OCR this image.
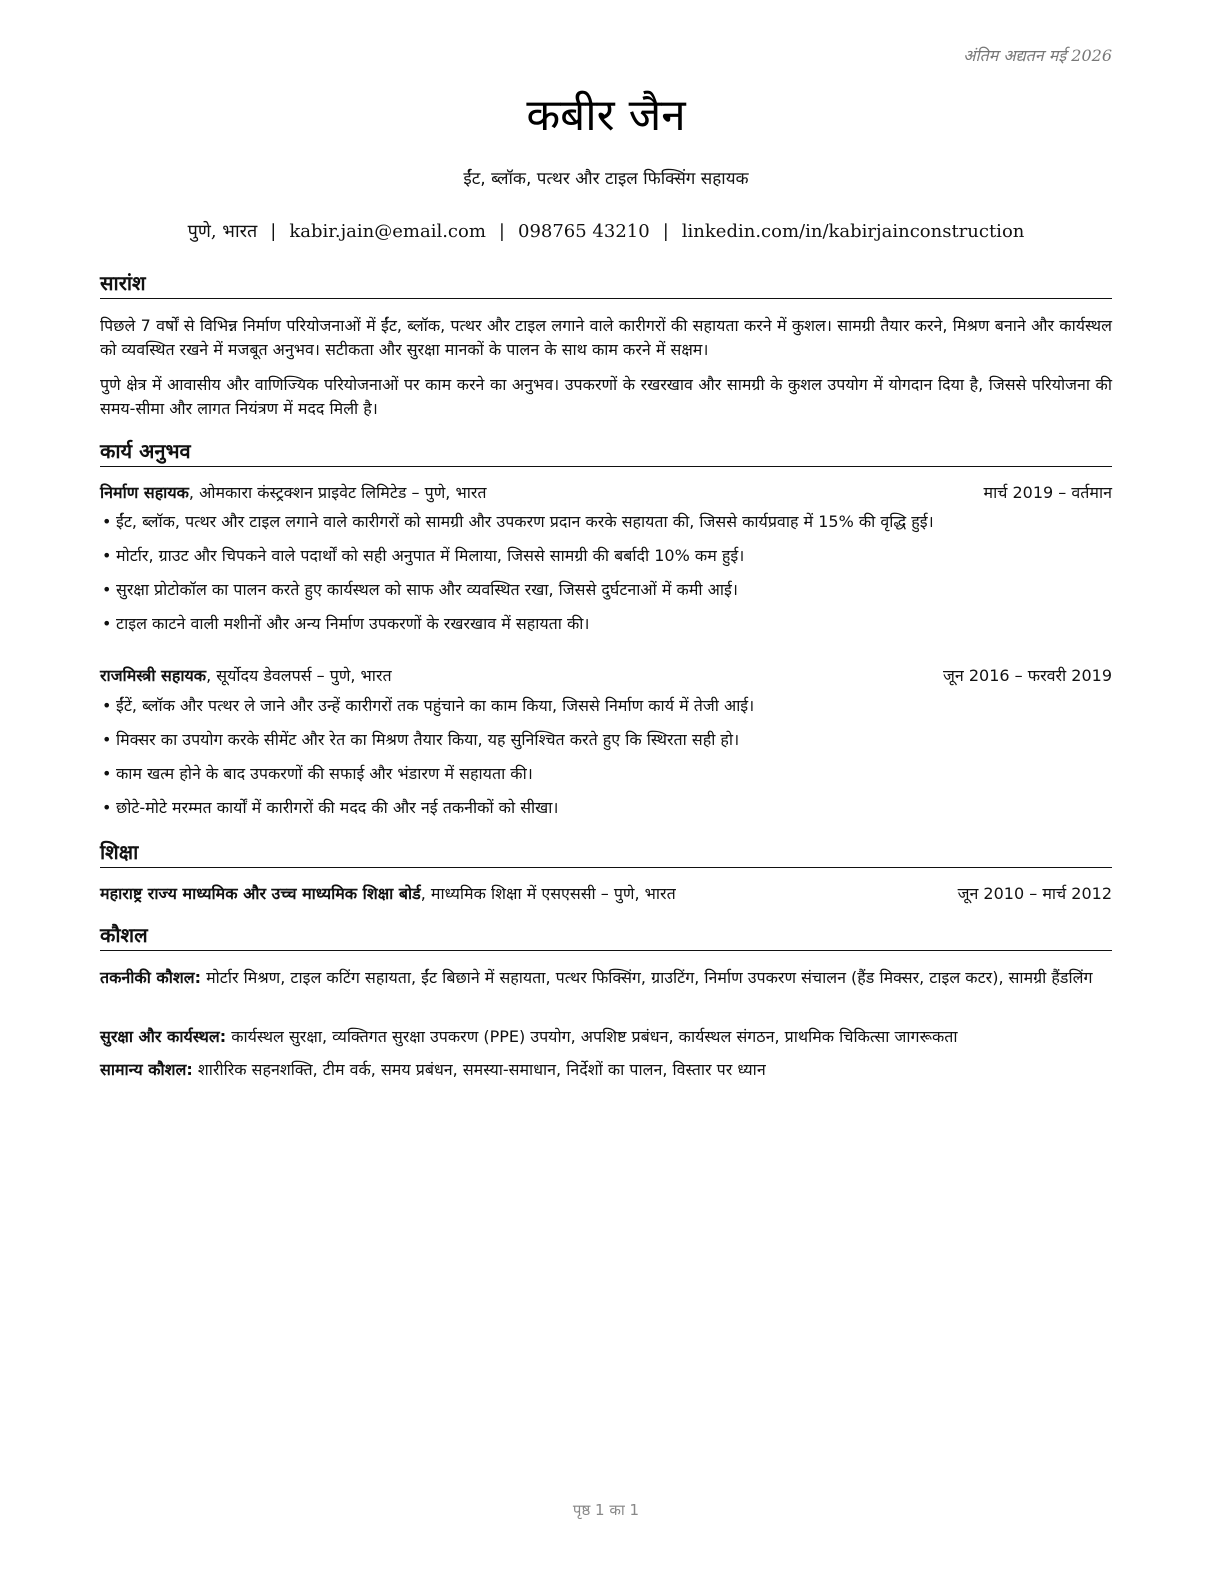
अंतिम अद्यतन मई 2026
कबीर जैन
ईंट, ब्लॉक, पत्थर और टाइल फिक्सिंग सहायक
पुणे, भारत | kabir.jain@email.com | 098765 43210 | linkedin.com/in/kabirjainconstruction
सारांश
पिछले 7 वर्षों से विभिन्न निर्माण परियोजनाओं में ईंट, ब्लॉक, पत्थर और टाइल लगाने वाले कारीगरों की सहायता करने में कुशल। सामग्री तैयार करने, मिश्रण बनाने और कार्यस्थल को व्यवस्थित रखने में मजबूत अनुभव। सटीकता और सुरक्षा मानकों के पालन के साथ काम करने में सक्षम।
पुणे क्षेत्र में आवासीय और वाणिज्यिक परियोजनाओं पर काम करने का अनुभव। उपकरणों के रखरखाव और सामग्री के कुशल उपयोग में योगदान दिया है, जिससे परियोजना की समय-सीमा और लागत नियंत्रण में मदद मिली है।
कार्य अनुभव
निर्माण सहायक, ओमकारा कंस्ट्रक्शन प्राइवेट लिमिटेड – पुणे, भारत	मार्च 2019 – वर्तमान
• ईंट, ब्लॉक, पत्थर और टाइल लगाने वाले कारीगरों को सामग्री और उपकरण प्रदान करके सहायता की, जिससे कार्यप्रवाह में 15% की वृद्धि हुई।
• मोर्टार, ग्राउट और चिपकने वाले पदार्थों को सही अनुपात में मिलाया, जिससे सामग्री की बर्बादी 10% कम हुई।
• सुरक्षा प्रोटोकॉल का पालन करते हुए कार्यस्थल को साफ और व्यवस्थित रखा, जिससे दुर्घटनाओं में कमी आई।
• टाइल काटने वाली मशीनों और अन्य निर्माण उपकरणों के रखरखाव में सहायता की।
राजमिस्त्री सहायक, सूर्योदय डेवलपर्स – पुणे, भारत	जून 2016 – फरवरी 2019
• ईंटें, ब्लॉक और पत्थर ले जाने और उन्हें कारीगरों तक पहुंचाने का काम किया, जिससे निर्माण कार्य में तेजी आई।
• मिक्सर का उपयोग करके सीमेंट और रेत का मिश्रण तैयार किया, यह सुनिश्चित करते हुए कि स्थिरता सही हो।
• काम खत्म होने के बाद उपकरणों की सफाई और भंडारण में सहायता की।
• छोटे-मोटे मरम्मत कार्यों में कारीगरों की मदद की और नई तकनीकों को सीखा।
शिक्षा
महाराष्ट्र राज्य माध्यमिक और उच्च माध्यमिक शिक्षा बोर्ड, माध्यमिक शिक्षा में एसएससी – पुणे, भारत	जून 2010 – मार्च 2012
कौशल
तकनीकी कौशल: मोर्टार मिश्रण, टाइल कटिंग सहायता, ईंट बिछाने में सहायता, पत्थर फिक्सिंग, ग्राउटिंग, निर्माण उपकरण संचालन (हैंड मिक्सर, टाइल कटर), सामग्री हैंडलिंग
सुरक्षा और कार्यस्थल: कार्यस्थल सुरक्षा, व्यक्तिगत सुरक्षा उपकरण (PPE) उपयोग, अपशिष्ट प्रबंधन, कार्यस्थल संगठन, प्राथमिक चिकित्सा जागरूकता
सामान्य कौशल: शारीरिक सहनशक्ति, टीम वर्क, समय प्रबंधन, समस्या-समाधान, निर्देशों का पालन, विस्तार पर ध्यान
पृष्ठ 1 का 1
